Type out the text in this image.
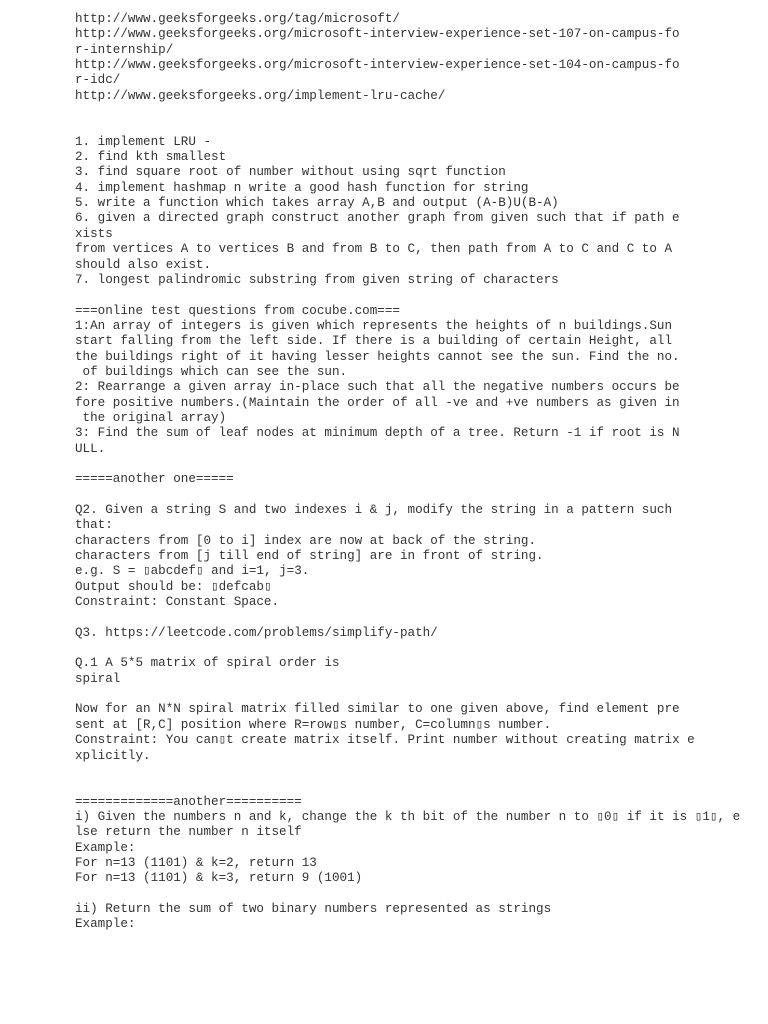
http://www.geeksforgeeks.org/tag/microsoft/
http://www.geeksforgeeks.org/microsoft-interview-experience-set-107-on-campus-fo
r-internship/
http://www.geeksforgeeks.org/microsoft-interview-experience-set-104-on-campus-fo
r-idc/
http://www.geeksforgeeks.org/implement-lru-cache/
1. implement LRU -
2. find kth smallest
3. find square root of number without using sqrt function
4. implement hashmap n write a good hash function for string
5. write a function which takes array A,B and output (A-B)U(B-A)
6. given a directed graph construct another graph from given such that if path e
xists
from vertices A to vertices B and from B to C, then path from A to C and C to A
should also exist.
7. longest palindromic substring from given string of characters
===online test questions from cocube.com===
1:An array of integers is given which represents the heights of n buildings.Sun
start falling from the left side. If there is a building of certain Height, all
the buildings right of it having lesser heights cannot see the sun. Find the no.
of buildings which can see the sun.
2: Rearrange a given array in-place such that all the negative numbers occurs be
fore positive numbers.(Maintain the order of all -ve and +ve numbers as given in
the original array)
3: Find the sum of leaf nodes at minimum depth of a tree. Return -1 if root is N
ULL.
=====another one=====
Q2. Given a string S and two indexes i & j, modify the string in a pattern such
that:
characters from [0 to i] index are now at back of the string.
characters from [j till end of string] are in front of string.
e.g. S = ▯abcdef▯ and i=1, j=3.
Output should be: ▯defcab▯
Constraint: Constant Space.
Q3. https://leetcode.com/problems/simplify-path/
Q.1 A 5*5 matrix of spiral order is
spiral
Now for an N*N spiral matrix filled similar to one given above, find element pre
sent at [R,C] position where R=row▯s number, C=column▯s number.
Constraint: You can▯t create matrix itself. Print number without creating matrix e
xplicitly.
=============another==========
i) Given the numbers n and k, change the k th bit of the number n to ▯0▯ if it is ▯1▯, e
lse return the number n itself
Example:
For n=13 (1101) & k=2, return 13
For n=13 (1101) & k=3, return 9 (1001)
ii) Return the sum of two binary numbers represented as strings
Example:
